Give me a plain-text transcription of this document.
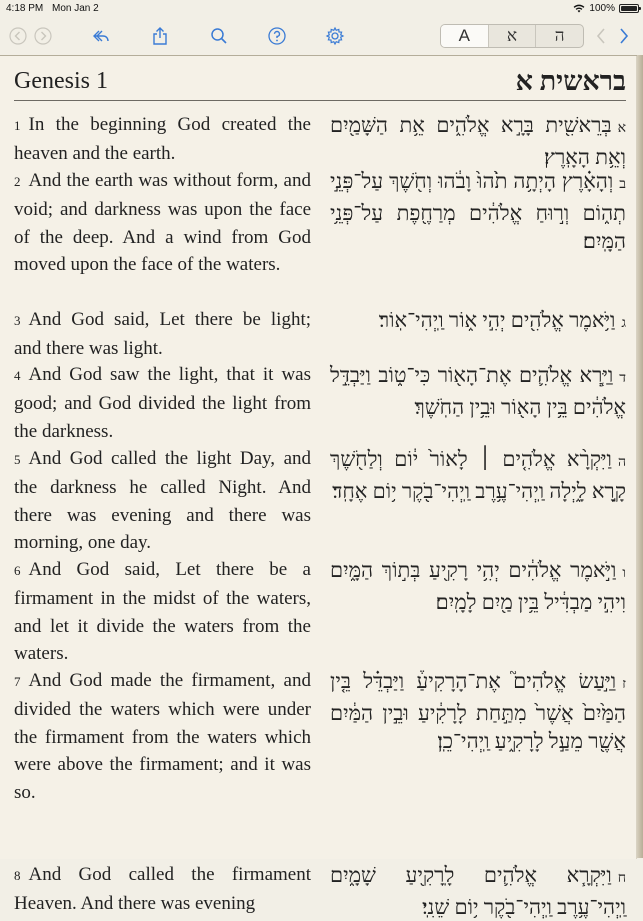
4:18 PM Mon Jan 2	100%
A	א	ה
Genesis 1	בראשית א
1 In the beginning God created the heaven and the earth.
אבְּרֵאשִׁ֖ית בָּרָ֣א אֱלֹהִ֑ים אֵ֥ת הַשָּׁמַ֖יִם וְאֵ֥ת הָאָֽרֶץ׃
2 And the earth was without form, and void; and darkness was upon the face of the deep. And a wind from God moved upon the face of the waters.
בוְהָאָ֗רֶץ הָיְתָ֥ה תֹ֙הוּ֙ וָבֹ֔הוּ וְחֹ֖שֶׁךְ עַל־פְּנֵ֣י תְה֑וֹם וְר֣וּחַ אֱלֹהִ֔ים מְרַחֶ֖פֶת עַל־פְּנֵ֥י הַמָּֽיִם׃
3 And God said, Let there be light; and there was light.
גוַיֹּ֥אמֶר אֱלֹהִ֖ים יְהִ֣י א֑וֹר וַֽיְהִי־אֽוֹר׃
4 And God saw the light, that it was good; and God divided the light from the darkness.
דוַיַּ֧רְא אֱלֹהִ֛ים אֶת־הָא֖וֹר כִּי־ט֑וֹב וַיַּבְדֵּ֣ל אֱלֹהִ֔ים בֵּ֥ין הָא֖וֹר וּבֵ֥ין הַחֹֽשֶׁךְ׃
5 And God called the light Day, and the darkness he called Night. And there was evening and there was morning, one day.
הוַיִּקְרָ֨א אֱלֹהִ֤ים ׀ לָאוֹר֙ י֔וֹם וְלַחֹ֖שֶׁךְ קָ֣רָא לָ֑יְלָה וַֽיְהִי־עֶ֥רֶב וַֽיְהִי־בֹ֖קֶר י֥וֹם אֶחָֽד׃
6 And God said, Let there be a firmament in the midst of the waters, and let it divide the waters from the waters.
ווַיֹּ֣אמֶר אֱלֹהִ֔ים יְהִ֥י רָקִ֖יעַ בְּת֣וֹךְ הַמָּ֑יִם וִיהִ֣י מַבְדִּ֔יל בֵּ֥ין מַ֖יִם לָמָֽיִם׃
7 And God made the firmament, and divided the waters which were under the firmament from the waters which were above the firmament; and it was so.
זוַיַּ֣עַשׂ אֱלֹהִים֮ אֶת־הָרָקִיעַ֒ וַיַּבְדֵּ֗ל בֵּ֤ין הַמַּ֙יִם֙ אֲשֶׁר֙ מִתַּ֣חַת לָרָקִ֔יעַ וּבֵ֣ין הַמַּ֔יִם אֲשֶׁ֖ר מֵעַ֣ל לָרָקִ֑יעַ וַֽיְהִי־כֵֽן׃
8 And God called the firmament Heaven. And there was evening
חוַיִּקְרָ֧א אֱלֹהִ֛ים לָֽרָקִ֖יעַ שָׁמָ֑יִם וַֽיְהִי־עֶ֥רֶב וַֽיְהִי־בֹ֖קֶר י֥וֹם שֵׁנִֽי׃
